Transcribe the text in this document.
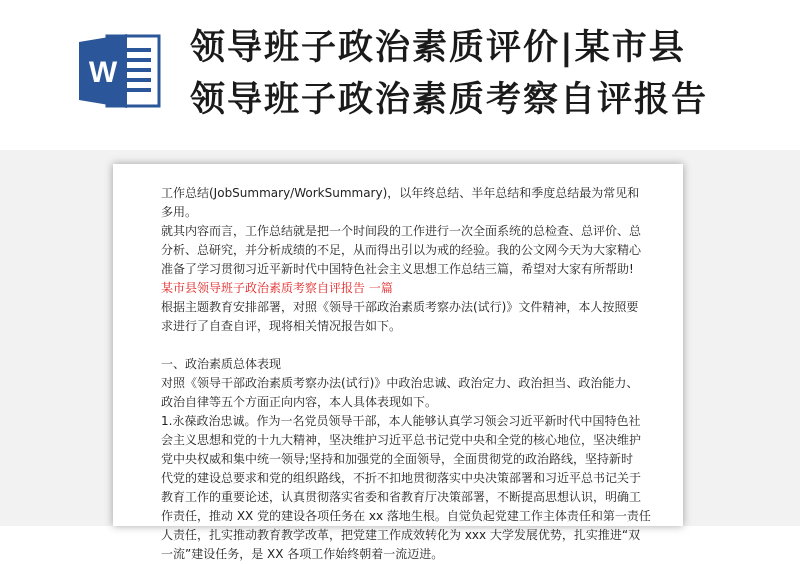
W
领导班子政治素质评价|某市县
领导班子政治素质考察自评报告

工作总结(JobSummary/WorkSummary)，以年终总结、半年总结和季度总结最为常见和多用。

就其内容而言，工作总结就是把一个时间段的工作进行一次全面系统的总检查、总评价、总

分析、总研究，并分析成绩的不足，从而得出引以为戒的经验。我的公文网今天为大家精心

准备了学习贯彻习近平新时代中国特色社会主义思想工作总结三篇，希望对大家有所帮助!

某市县领导班子政治素质考察自评报告 一篇

根据主题教育安排部署，对照《领导干部政治素质考察办法(试行)》文件精神，本人按照要

求进行了自查自评，现将相关情况报告如下。

一、政治素质总体表现

对照《领导干部政治素质考察办法(试行)》中政治忠诚、政治定力、政治担当、政治能力、

政治自律等五个方面正向内容，本人具体表现如下。

1.永葆政治忠诚。作为一名党员领导干部，本人能够认真学习领会习近平新时代中国特色社

会主义思想和党的十九大精神，坚决维护习近平总书记党中央和全党的核心地位，坚决维护

党中央权威和集中统一领导;坚持和加强党的全面领导，全面贯彻党的政治路线，坚持新时

代党的建设总要求和党的组织路线，不折不扣地贯彻落实中央决策部署和习近平总书记关于

教育工作的重要论述，认真贯彻落实省委和省教育厅决策部署，不断提高思想认识，明确工

作责任，推动 XX 党的建设各项任务在 xx 落地生根。自觉负起党建工作主体责任和第一责任

人责任，扎实推动教育教学改革，把党建工作成效转化为 xxx 大学发展优势，扎实推进“双

一流”建设任务，是 XX 各项工作始终朝着一流迈进。
